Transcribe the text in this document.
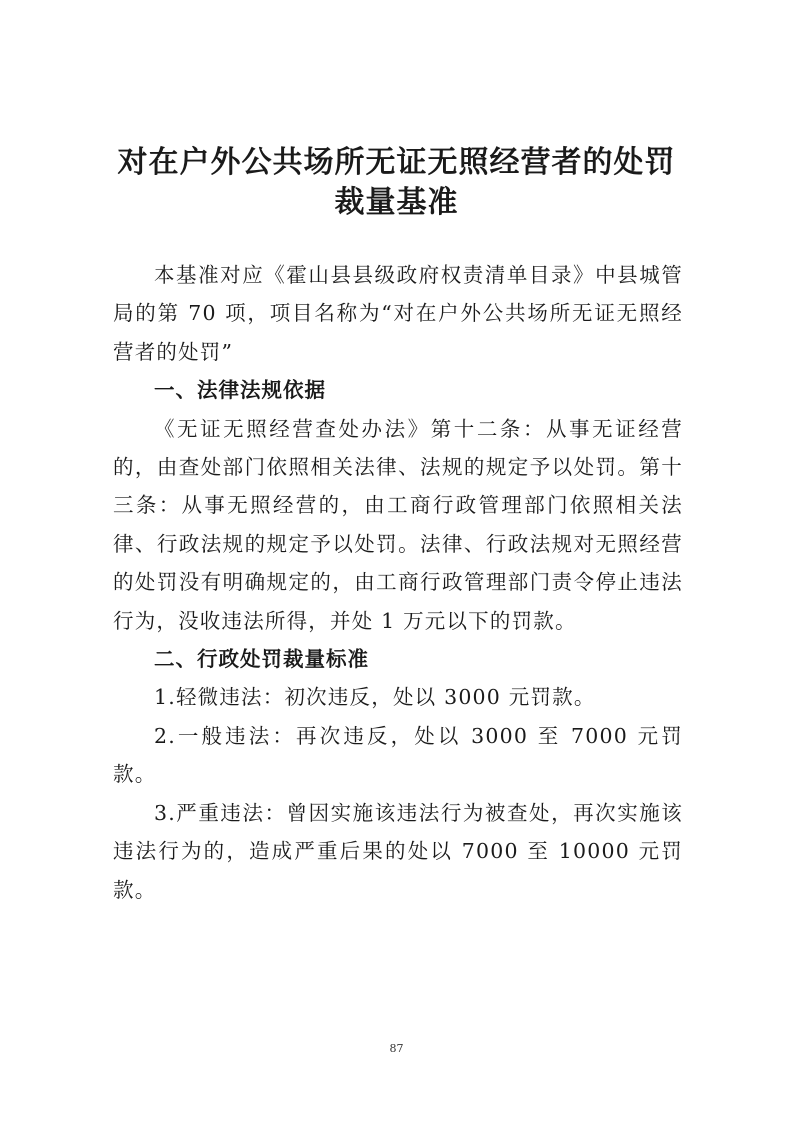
对在户外公共场所无证无照经营者的处罚
裁量基准

本基准对应《霍山县县级政府权责清单目录》中县城管局的第 70 项，项目名称为“对在户外公共场所无证无照经营者的处罚”

一、法律法规依据

《无证无照经营查处办法》第十二条：从事无证经营的，由查处部门依照相关法律、法规的规定予以处罚。第十三条：从事无照经营的，由工商行政管理部门依照相关法律、行政法规的规定予以处罚。法律、行政法规对无照经营的处罚没有明确规定的，由工商行政管理部门责令停止违法行为，没收违法所得，并处 1 万元以下的罚款。

二、行政处罚裁量标准

1.轻微违法：初次违反，处以 3000 元罚款。

2.一般违法：再次违反，处以 3000 至 7000 元罚款。

3.严重违法：曾因实施该违法行为被查处，再次实施该违法行为的，造成严重后果的处以 7000 至 10000 元罚款。

87
